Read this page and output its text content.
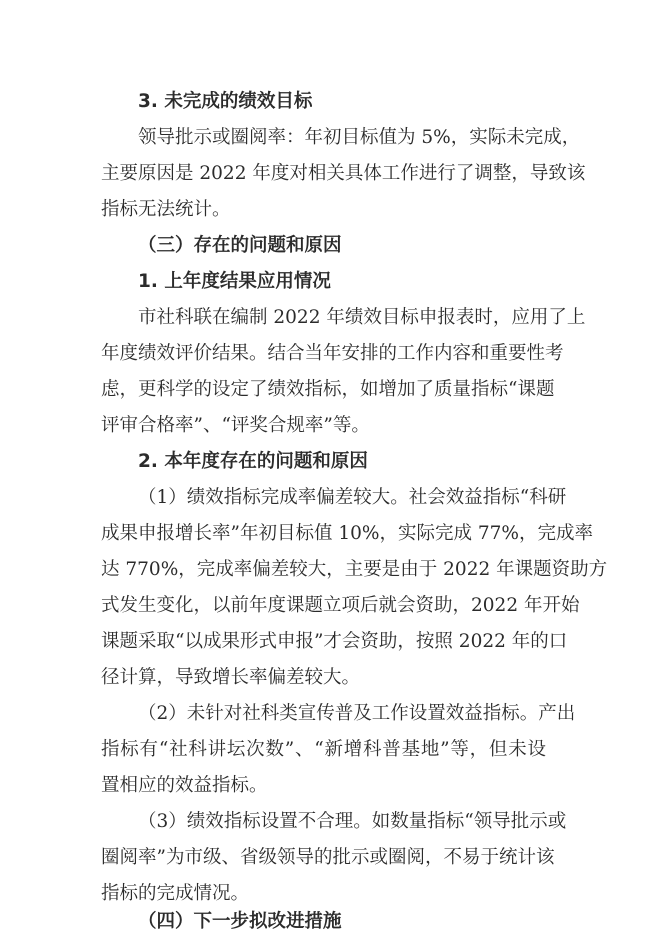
3. 未完成的绩效目标

领导批示或圈阅率：年初目标值为 5%，实际未完成，

主要原因是 2022 年度对相关具体工作进行了调整，导致该

指标无法统计。

（三）存在的问题和原因

1. 上年度结果应用情况

市社科联在编制 2022 年绩效目标申报表时，应用了上

年度绩效评价结果。结合当年安排的工作内容和重要性考

虑，更科学的设定了绩效指标，如增加了质量指标“课题

评审合格率”、“评奖合规率”等。

2. 本年度存在的问题和原因

（1）绩效指标完成率偏差较大。社会效益指标“科研

成果申报增长率”年初目标值 10%，实际完成 77%，完成率

达 770%，完成率偏差较大，主要是由于 2022 年课题资助方

式发生变化，以前年度课题立项后就会资助，2022 年开始

课题采取“以成果形式申报”才会资助，按照 2022 年的口

径计算，导致增长率偏差较大。

（2）未针对社科类宣传普及工作设置效益指标。产出

指标有“社科讲坛次数”、“新增科普基地”等，但未设

置相应的效益指标。

（3）绩效指标设置不合理。如数量指标“领导批示或

圈阅率”为市级、省级领导的批示或圈阅，不易于统计该

指标的完成情况。

（四）下一步拟改进措施
